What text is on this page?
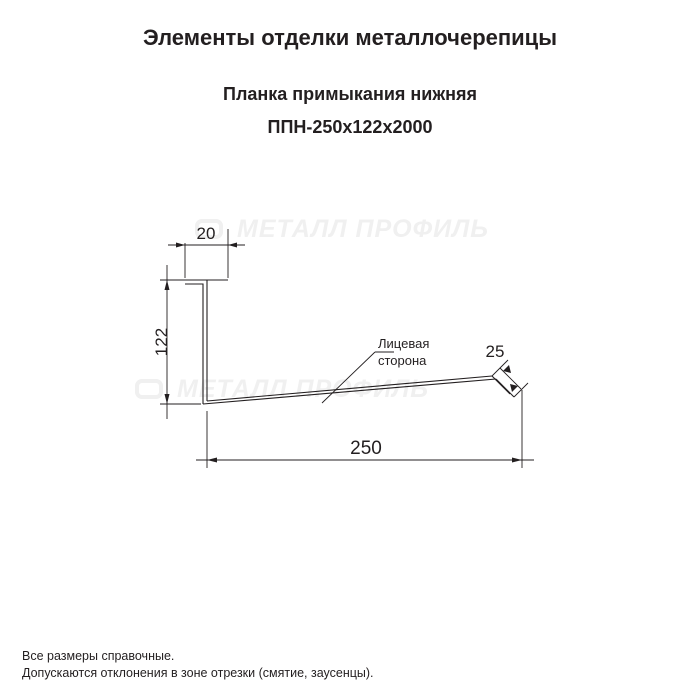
Элементы отделки металлочерепицы
Планка примыкания нижняя
ППН-250х122х2000
МЕТАЛЛ ПРОФИЛЬ
МЕТАЛЛ ПРОФИЛЬ
20
122
250
25
Лицевая
сторона
Все размеры справочные.
Допускаются отклонения в зоне отрезки (смятие, заусенцы).
